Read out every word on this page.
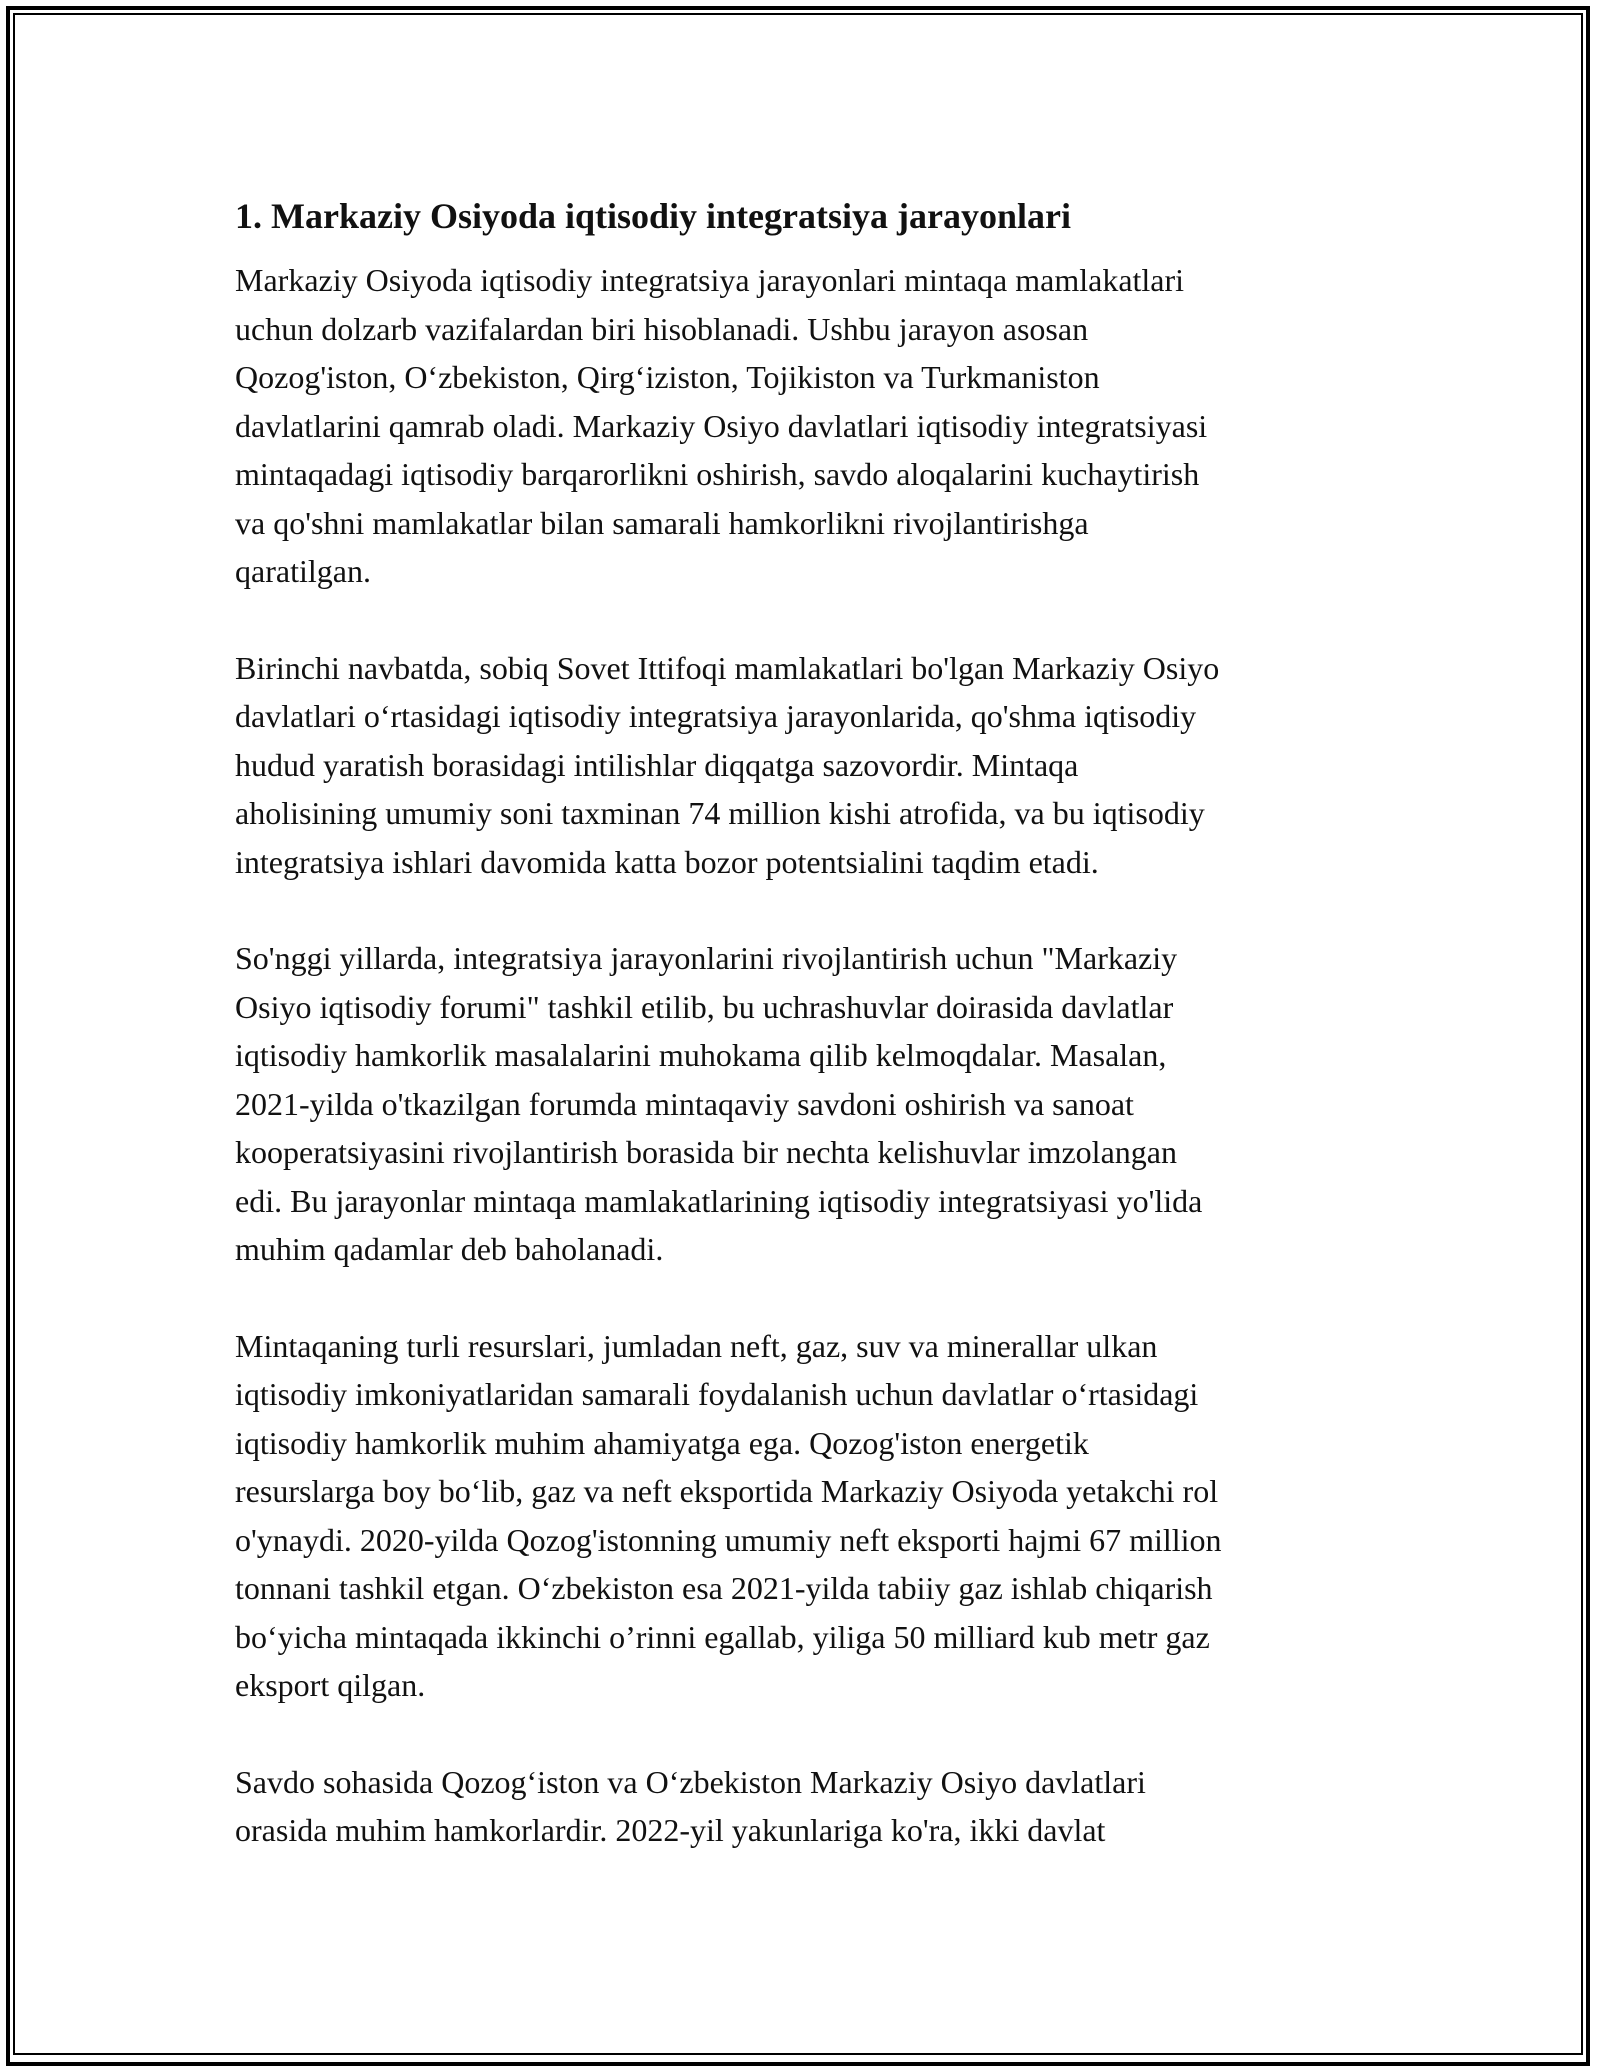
1. Markaziy Osiyoda iqtisodiy integratsiya jarayonlari

Markaziy Osiyoda iqtisodiy integratsiya jarayonlari mintaqa mamlakatlari
uchun dolzarb vazifalardan biri hisoblanadi. Ushbu jarayon asosan
Qozog'iston, O‘zbekiston, Qirg‘iziston, Tojikiston va Turkmaniston
davlatlarini qamrab oladi. Markaziy Osiyo davlatlari iqtisodiy integratsiyasi
mintaqadagi iqtisodiy barqarorlikni oshirish, savdo aloqalarini kuchaytirish
va qo'shni mamlakatlar bilan samarali hamkorlikni rivojlantirishga
qaratilgan.

Birinchi navbatda, sobiq Sovet Ittifoqi mamlakatlari bo'lgan Markaziy Osiyo
davlatlari o‘rtasidagi iqtisodiy integratsiya jarayonlarida, qo'shma iqtisodiy
hudud yaratish borasidagi intilishlar diqqatga sazovordir. Mintaqa
aholisining umumiy soni taxminan 74 million kishi atrofida, va bu iqtisodiy
integratsiya ishlari davomida katta bozor potentsialini taqdim etadi.

So'nggi yillarda, integratsiya jarayonlarini rivojlantirish uchun "Markaziy
Osiyo iqtisodiy forumi" tashkil etilib, bu uchrashuvlar doirasida davlatlar
iqtisodiy hamkorlik masalalarini muhokama qilib kelmoqdalar. Masalan,
2021-yilda o'tkazilgan forumda mintaqaviy savdoni oshirish va sanoat
kooperatsiyasini rivojlantirish borasida bir nechta kelishuvlar imzolangan
edi. Bu jarayonlar mintaqa mamlakatlarining iqtisodiy integratsiyasi yo'lida
muhim qadamlar deb baholanadi.

Mintaqaning turli resurslari, jumladan neft, gaz, suv va minerallar ulkan
iqtisodiy imkoniyatlaridan samarali foydalanish uchun davlatlar o‘rtasidagi
iqtisodiy hamkorlik muhim ahamiyatga ega. Qozog'iston energetik
resurslarga boy bo‘lib, gaz va neft eksportida Markaziy Osiyoda yetakchi rol
o'ynaydi. 2020-yilda Qozog'istonning umumiy neft eksporti hajmi 67 million
tonnani tashkil etgan. O‘zbekiston esa 2021-yilda tabiiy gaz ishlab chiqarish
bo‘yicha mintaqada ikkinchi o’rinni egallab, yiliga 50 milliard kub metr gaz
eksport qilgan.

Savdo sohasida Qozog‘iston va O‘zbekiston Markaziy Osiyo davlatlari
orasida muhim hamkorlardir. 2022-yil yakunlariga ko'ra, ikki davlat
